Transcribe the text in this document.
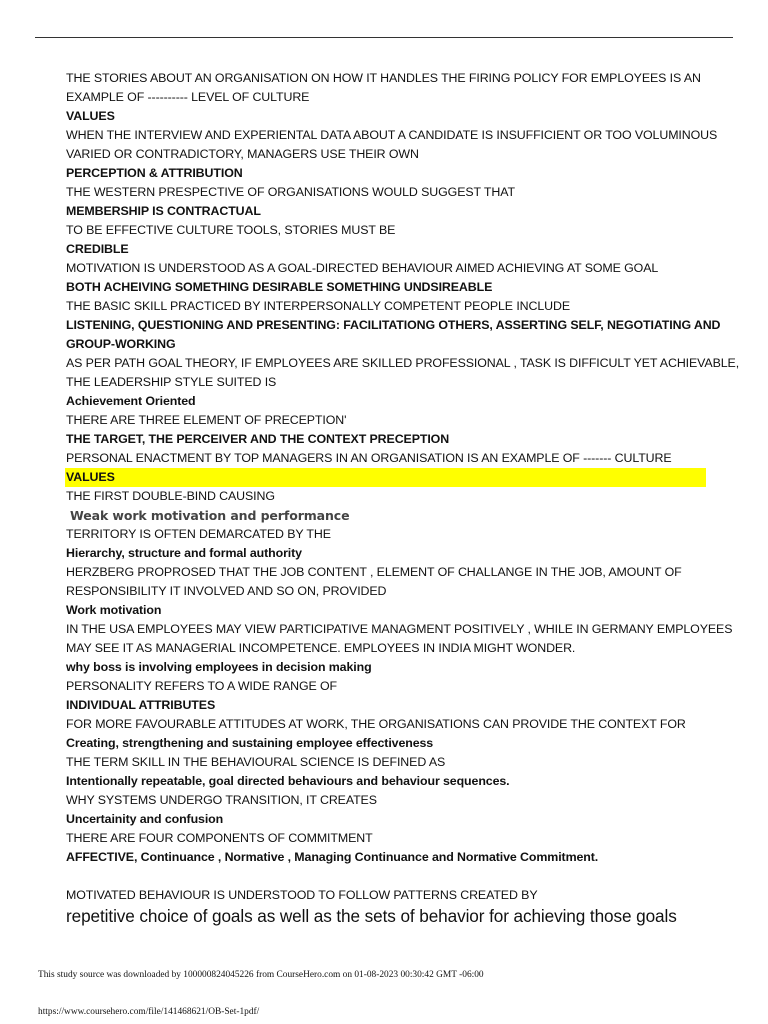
THE STORIES ABOUT AN ORGANISATION ON HOW IT HANDLES THE FIRING POLICY FOR EMPLOYEES IS AN
EXAMPLE OF ---------- LEVEL OF CULTURE
VALUES
WHEN THE INTERVIEW AND EXPERIENTAL DATA ABOUT A CANDIDATE IS INSUFFICIENT OR TOO VOLUMINOUS
VARIED OR CONTRADICTORY, MANAGERS USE THEIR OWN
PERCEPTION & ATTRIBUTION
THE WESTERN PRESPECTIVE OF ORGANISATIONS WOULD SUGGEST THAT
MEMBERSHIP IS CONTRACTUAL
TO BE EFFECTIVE CULTURE TOOLS, STORIES MUST BE
CREDIBLE
MOTIVATION IS UNDERSTOOD AS A GOAL-DIRECTED BEHAVIOUR AIMED ACHIEVING AT SOME GOAL
BOTH ACHEIVING SOMETHING DESIRABLE SOMETHING UNDSIREABLE
THE BASIC SKILL PRACTICED BY INTERPERSONALLY COMPETENT PEOPLE INCLUDE
LISTENING, QUESTIONING AND PRESENTING: FACILITATIONG OTHERS, ASSERTING SELF, NEGOTIATING AND
GROUP-WORKING
AS PER PATH GOAL THEORY, IF EMPLOYEES ARE SKILLED PROFESSIONAL , TASK IS DIFFICULT YET ACHIEVABLE,
THE LEADERSHIP STYLE SUITED IS
Achievement Oriented
THERE ARE THREE ELEMENT OF PRECEPTION'
THE TARGET, THE PERCEIVER AND THE CONTEXT PRECEPTION
PERSONAL ENACTMENT BY TOP MANAGERS IN AN ORGANISATION IS AN EXAMPLE OF ------- CULTURE
VALUES
THE FIRST DOUBLE-BIND CAUSING
Weak work motivation and performance
TERRITORY IS OFTEN DEMARCATED BY THE
Hierarchy, structure and formal authority
HERZBERG PROPROSED THAT THE JOB CONTENT , ELEMENT OF CHALLANGE IN THE JOB, AMOUNT OF
RESPONSIBILITY IT INVOLVED AND SO ON, PROVIDED
Work motivation
IN THE USA EMPLOYEES MAY VIEW PARTICIPATIVE MANAGMENT POSITIVELY , WHILE IN GERMANY EMPLOYEES
MAY SEE IT AS MANAGERIAL INCOMPETENCE. EMPLOYEES IN INDIA MIGHT WONDER.
why boss is involving employees in decision making
PERSONALITY REFERS TO A WIDE RANGE OF
INDIVIDUAL ATTRIBUTES
FOR MORE FAVOURABLE ATTITUDES AT WORK, THE ORGANISATIONS CAN PROVIDE THE CONTEXT FOR
Creating, strengthening and sustaining employee effectiveness
THE TERM SKILL IN THE BEHAVIOURAL SCIENCE IS DEFINED AS
Intentionally repeatable, goal directed behaviours and behaviour sequences.
WHY SYSTEMS UNDERGO TRANSITION, IT CREATES
Uncertainity and confusion
THERE ARE FOUR COMPONENTS OF COMMITMENT
AFFECTIVE, Continuance , Normative , Managing Continuance and Normative Commitment.
MOTIVATED BEHAVIOUR IS UNDERSTOOD TO FOLLOW PATTERNS CREATED BY
repetitive choice of goals as well as the sets of behavior for achieving those goals
This study source was downloaded by 100000824045226 from CourseHero.com on 01-08-2023 00:30:42 GMT -06:00
https://www.coursehero.com/file/141468621/OB-Set-1pdf/
